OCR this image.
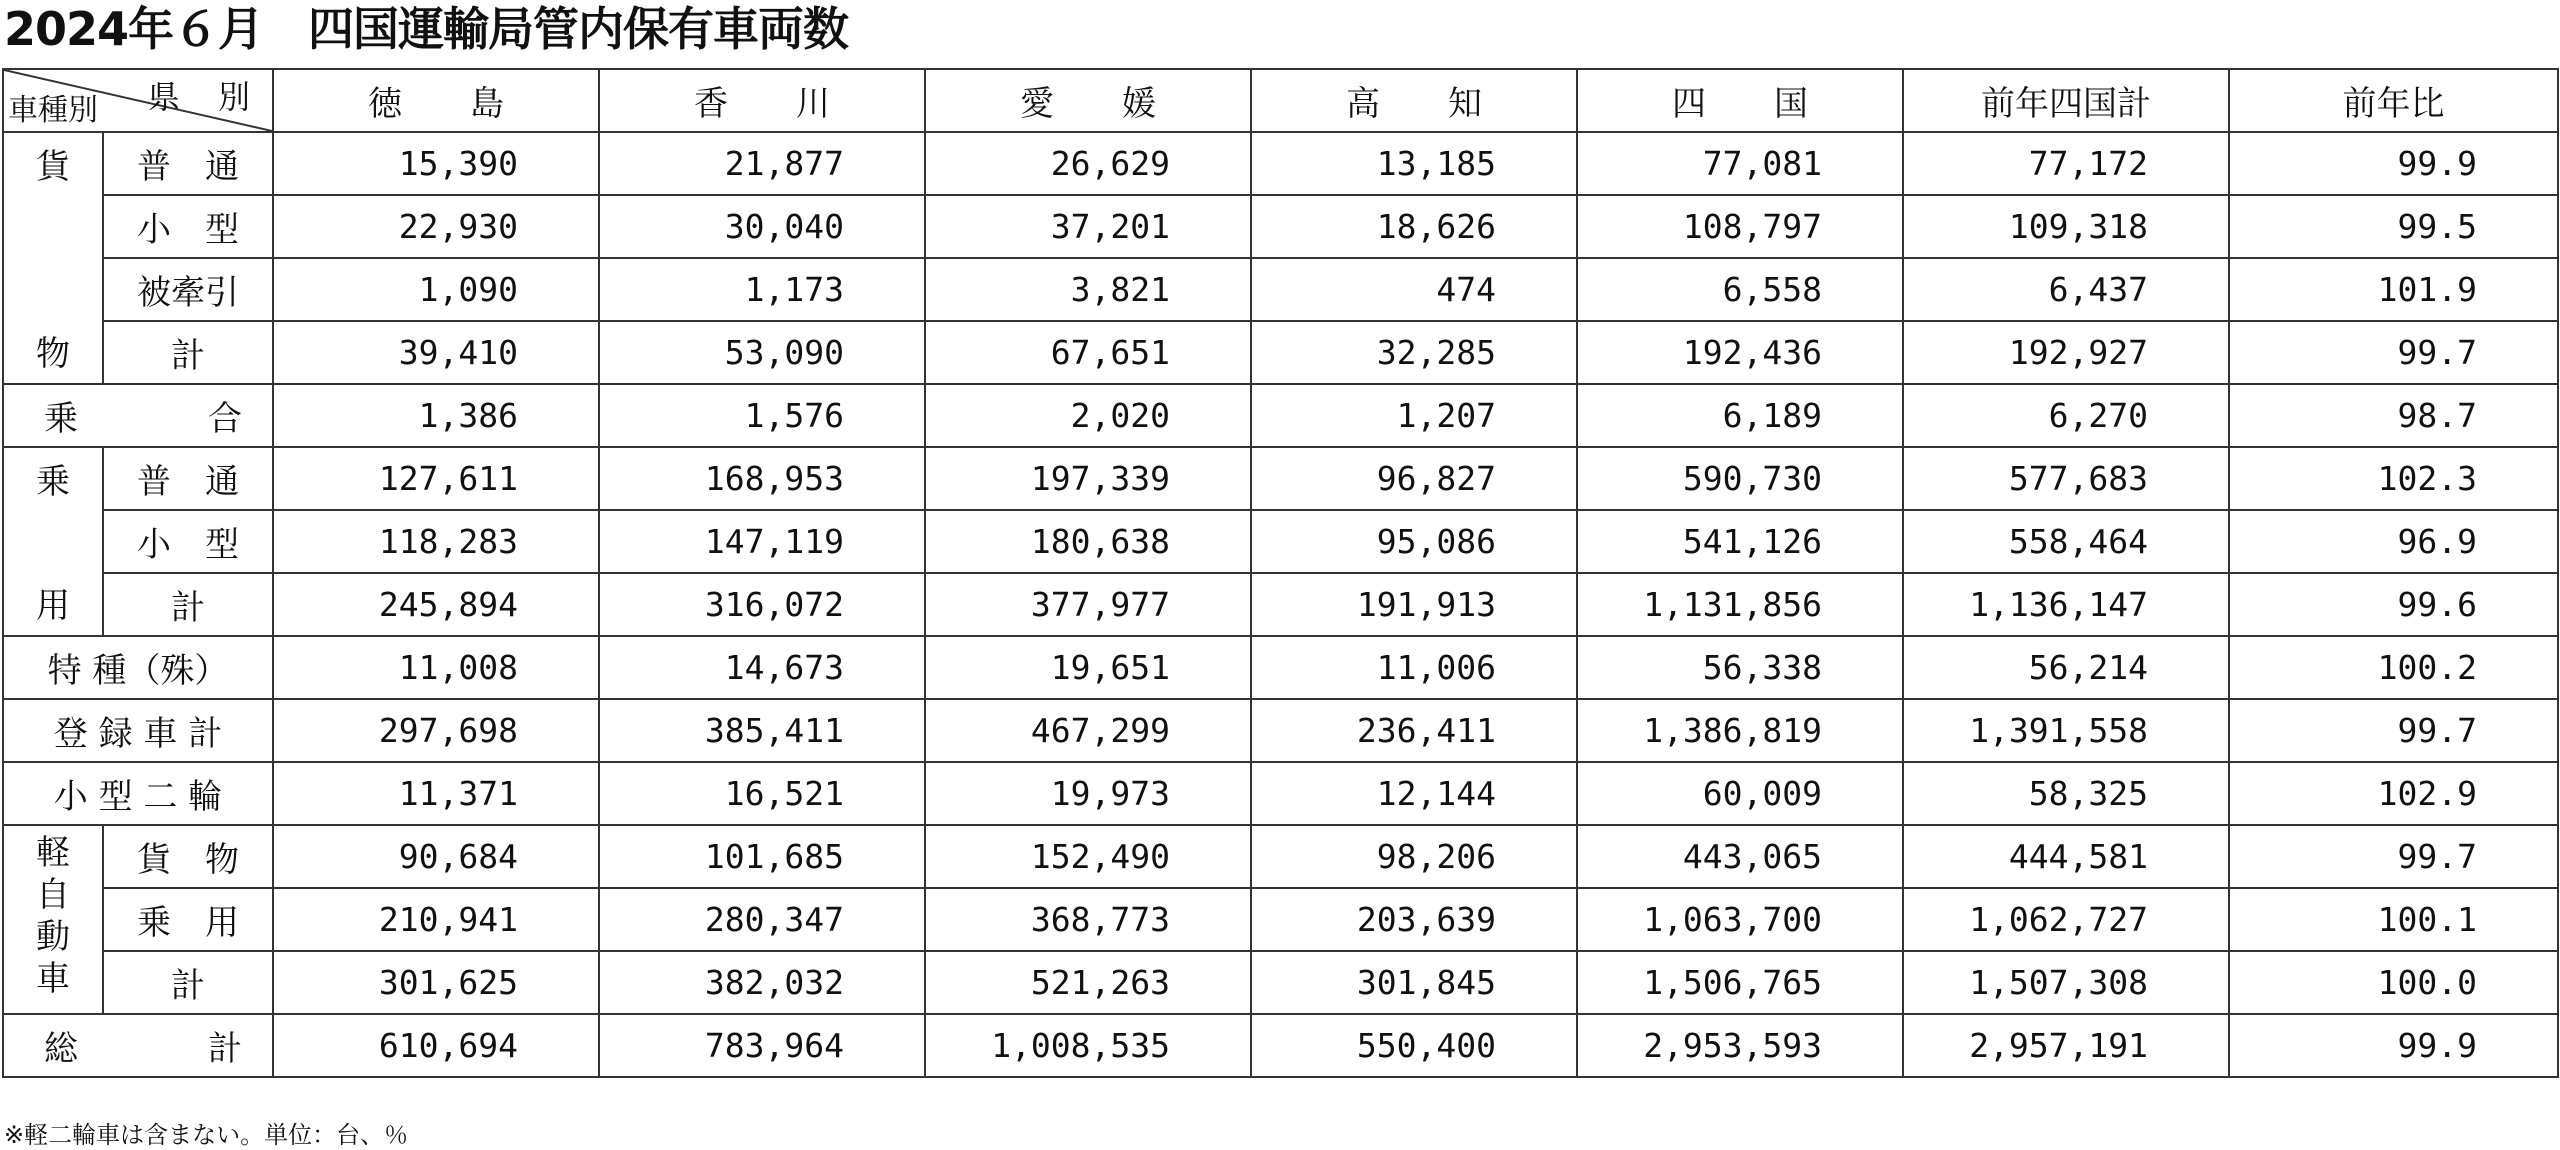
2024年６月　四国運輸局管内保有車両数
県 別
車種別		徳　　島	香　　川	愛　　媛	高　　知	四　　国	前年四国計	前年比

貨
物	普　通	15,390	21,877	26,629	13,185	77,081	77,172	99.9
	小　型	22,930	30,040	37,201	18,626	108,797	109,318	99.5
	被牽引	1,090	1,173	3,821	474	6,558	6,437	101.9
	計	39,410	53,090	67,651	32,285	192,436	192,927	99.7

乗 合		1,386	1,576	2,020	1,207	6,189	6,270	98.7

乗
用	普　通	127,611	168,953	197,339	96,827	590,730	577,683	102.3
	小　型	118,283	147,119	180,638	95,086	541,126	558,464	96.9
	計	245,894	316,072	377,977	191,913	1,131,856	1,136,147	99.6
特 種（殊）		11,008	14,673	19,651	11,006	56,338	56,214	100.2
登 録 車 計		297,698	385,411	467,299	236,411	1,386,819	1,391,558	99.7
小 型 二 輪		11,371	16,521	19,973	12,144	60,009	58,325	102.9

軽
自
動
車	貨　物	90,684	101,685	152,490	98,206	443,065	444,581	99.7
	乗　用	210,941	280,347	368,773	203,639	1,063,700	1,062,727	100.1
	計	301,625	382,032	521,263	301,845	1,506,765	1,507,308	100.0

総 計		610,694	783,964	1,008,535	550,400	2,953,593	2,957,191	99.9
※軽二輪車は含まない。単位：台、％
